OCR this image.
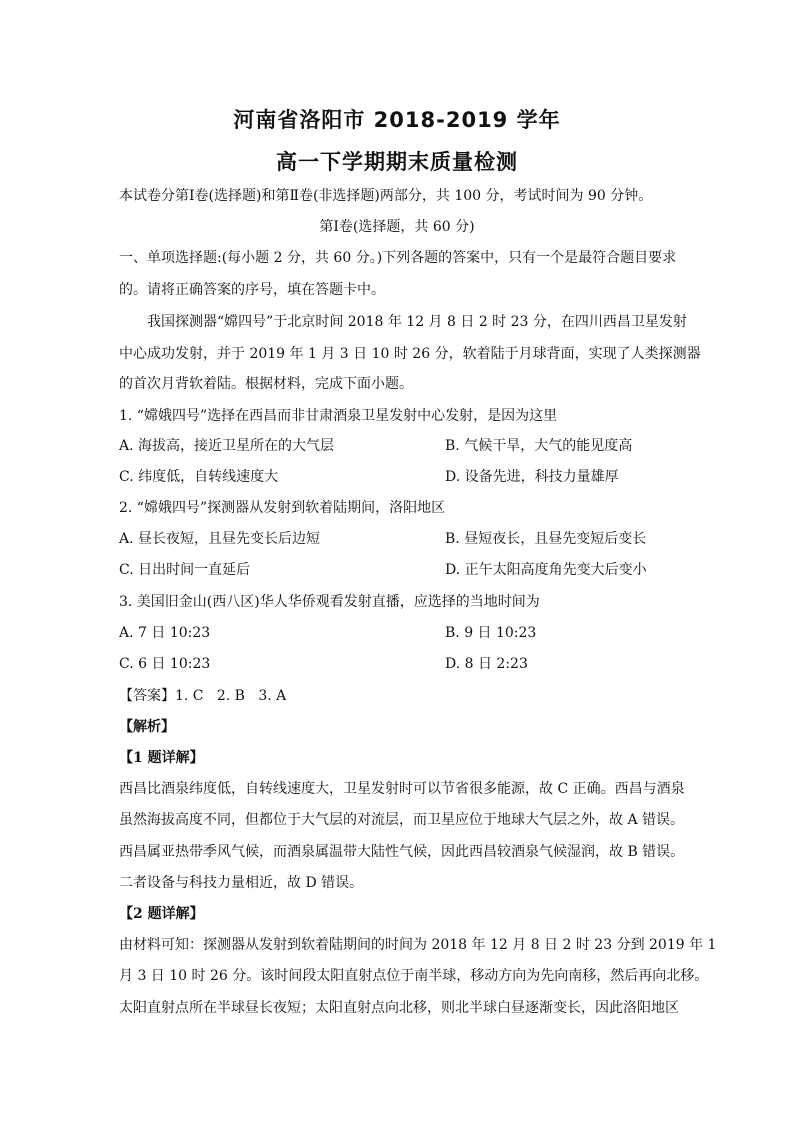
河南省洛阳市 2018-2019 学年
高一下学期期末质量检测
本试卷分第Ⅰ卷(选择题)和第Ⅱ卷(非选择题)两部分，共 100 分，考试时间为 90 分钟。
第Ⅰ卷(选择题，共 60 分)
一、单项选择题:(每小题 2 分，共 60 分。)下列各题的答案中，只有一个是最符合题目要求
的。请将正确答案的序号，填在答题卡中。
我国探测器“嫦四号”于北京时间 2018 年 12 月 8 日 2 时 23 分，在四川西昌卫星发射
中心成功发射，并于 2019 年 1 月 3 日 10 时 26 分，软着陆于月球背面，实现了人类探测器
的首次月背软着陆。根据材料，完成下面小题。
1. “嫦娥四号”选择在西昌而非甘肃酒泉卫星发射中心发射，是因为这里
A. 海拔高，接近卫星所在的大气层	B. 气候干旱，大气的能见度高
C. 纬度低，自转线速度大	D. 设备先进，科技力量雄厚
2. “嫦娥四号”探测器从发射到软着陆期间，洛阳地区
A. 昼长夜短，且昼先变长后边短	B. 昼短夜长，且昼先变短后变长
C. 日出时间一直延后	D. 正午太阳高度角先变大后变小
3. 美国旧金山(西八区)华人华侨观看发射直播，应选择的当地时间为
A. 7 日 10:23	B. 9 日 10:23
C. 6 日 10:23	D. 8 日 2:23
【答案】1. C   2. B   3. A
【解析】
【1 题详解】
西昌比酒泉纬度低，自转线速度大，卫星发射时可以节省很多能源，故 C 正确。西昌与酒泉
虽然海拔高度不同，但都位于大气层的对流层，而卫星应位于地球大气层之外，故 A 错误。
西昌属亚热带季风气候，而酒泉属温带大陆性气候，因此西昌较酒泉气候湿润，故 B 错误。
二者设备与科技力量相近，故 D 错误。
【2 题详解】
由材料可知：探测器从发射到软着陆期间的时间为 2018 年 12 月 8 日 2 时 23 分到 2019 年 1
月 3 日 10 时 26 分。该时间段太阳直射点位于南半球，移动方向为先向南移，然后再向北移。
太阳直射点所在半球昼长夜短；太阳直射点向北移，则北半球白昼逐渐变长，因此洛阳地区
